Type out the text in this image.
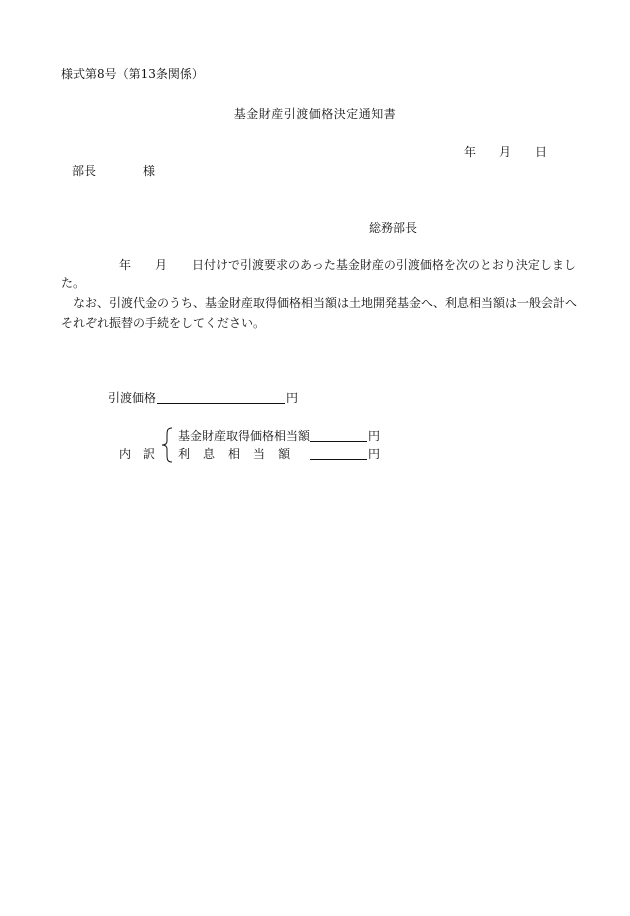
様式第8号（第13条関係）
基金財産引渡価格決定通知書
年 月 日
部長	様
総務部長
年 月 日付けで引渡要求のあった基金財産の引渡価格を次のとおり決定しまし
た。
なお、引渡代金のうち、基金財産取得価格相当額は土地開発基金へ、利息相当額は一般会計へ
それぞれ振替の手続をしてください。
引渡価格	円
内 訳
基金財産取得価格相当額	円
利 息 相 当 額	円
